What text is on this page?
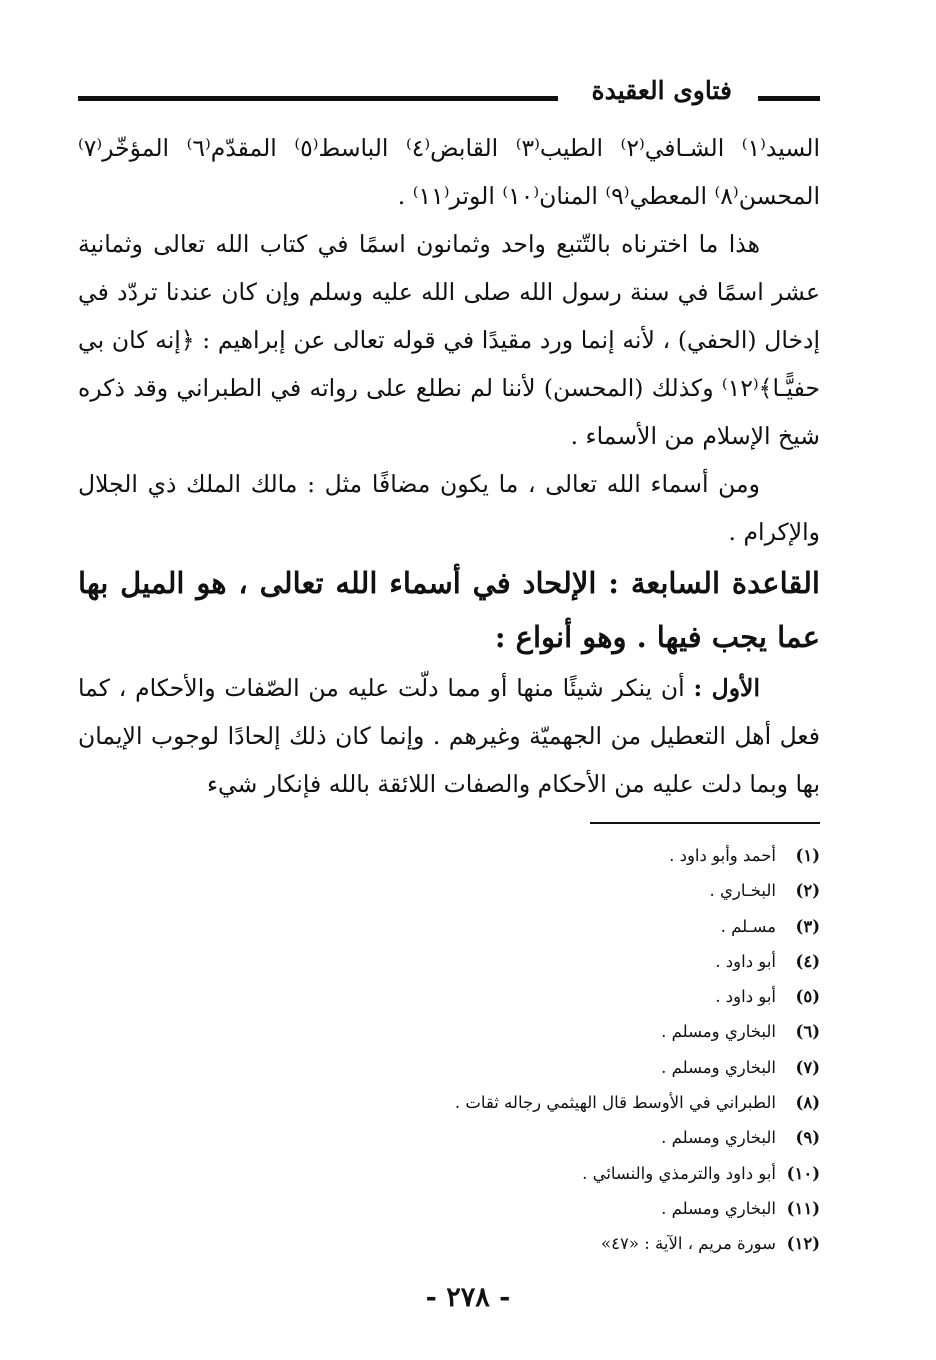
فتاوى العقيدة

السيد⁽١⁾ الشـافي⁽٢⁾ الطيب⁽٣⁾ القابض⁽٤⁾ الباسط⁽٥⁾ المقدّم⁽٦⁾ المؤخّر⁽٧⁾ المحسن⁽٨⁾ المعطي⁽٩⁾ المنان⁽١٠⁾ الوتر⁽١١⁾ .

هذا ما اخترناه بالتّتبع واحد وثمانون اسمًا في كتاب الله تعالى وثمانية عشر اسمًا في سنة رسول الله صلى الله عليه وسلم وإن كان عندنا تردّد في إدخال (الحفي) ، لأنه إنما ورد مقيدًا في قوله تعالى عن إبراهيم : ﴿إنه كان بي حفيًّـا﴾⁽١٢⁾ وكذلك (المحسن) لأننا لم نطلع على رواته في الطبراني وقد ذكره شيخ الإسلام من الأسماء .

ومن أسماء الله تعالى ، ما يكون مضافًا مثل : مالك الملك ذي الجلال والإكرام .

القاعدة السابعة : الإلحاد في أسماء الله تعالى ، هو الميل بها عما يجب فيها . وهو أنواع :

الأول : أن ينكر شيئًا منها أو مما دلّت عليه من الصّفات والأحكام ، كما فعل أهل التعطيل من الجهميّة وغيرهم . وإنما كان ذلك إلحادًا لوجوب الإيمان بها وبما دلت عليه من الأحكام والصفات اللائقة بالله فإنكار شيء

(١)أحمد وأبو داود .
(٢)البخـاري .
(٣)مسـلم .
(٤)أبو داود .
(٥)أبو داود .
(٦)البخاري ومسلم .
(٧)البخاري ومسلم .
(٨)الطبراني في الأوسط قال الهيثمي رجاله ثقات .
(٩)البخاري ومسلم .
(١٠)أبو داود والترمذي والنسائي .
(١١)البخاري ومسلم .
(١٢)سورة مريم ، الآية : «٤٧»
- ٢٧٨ -
